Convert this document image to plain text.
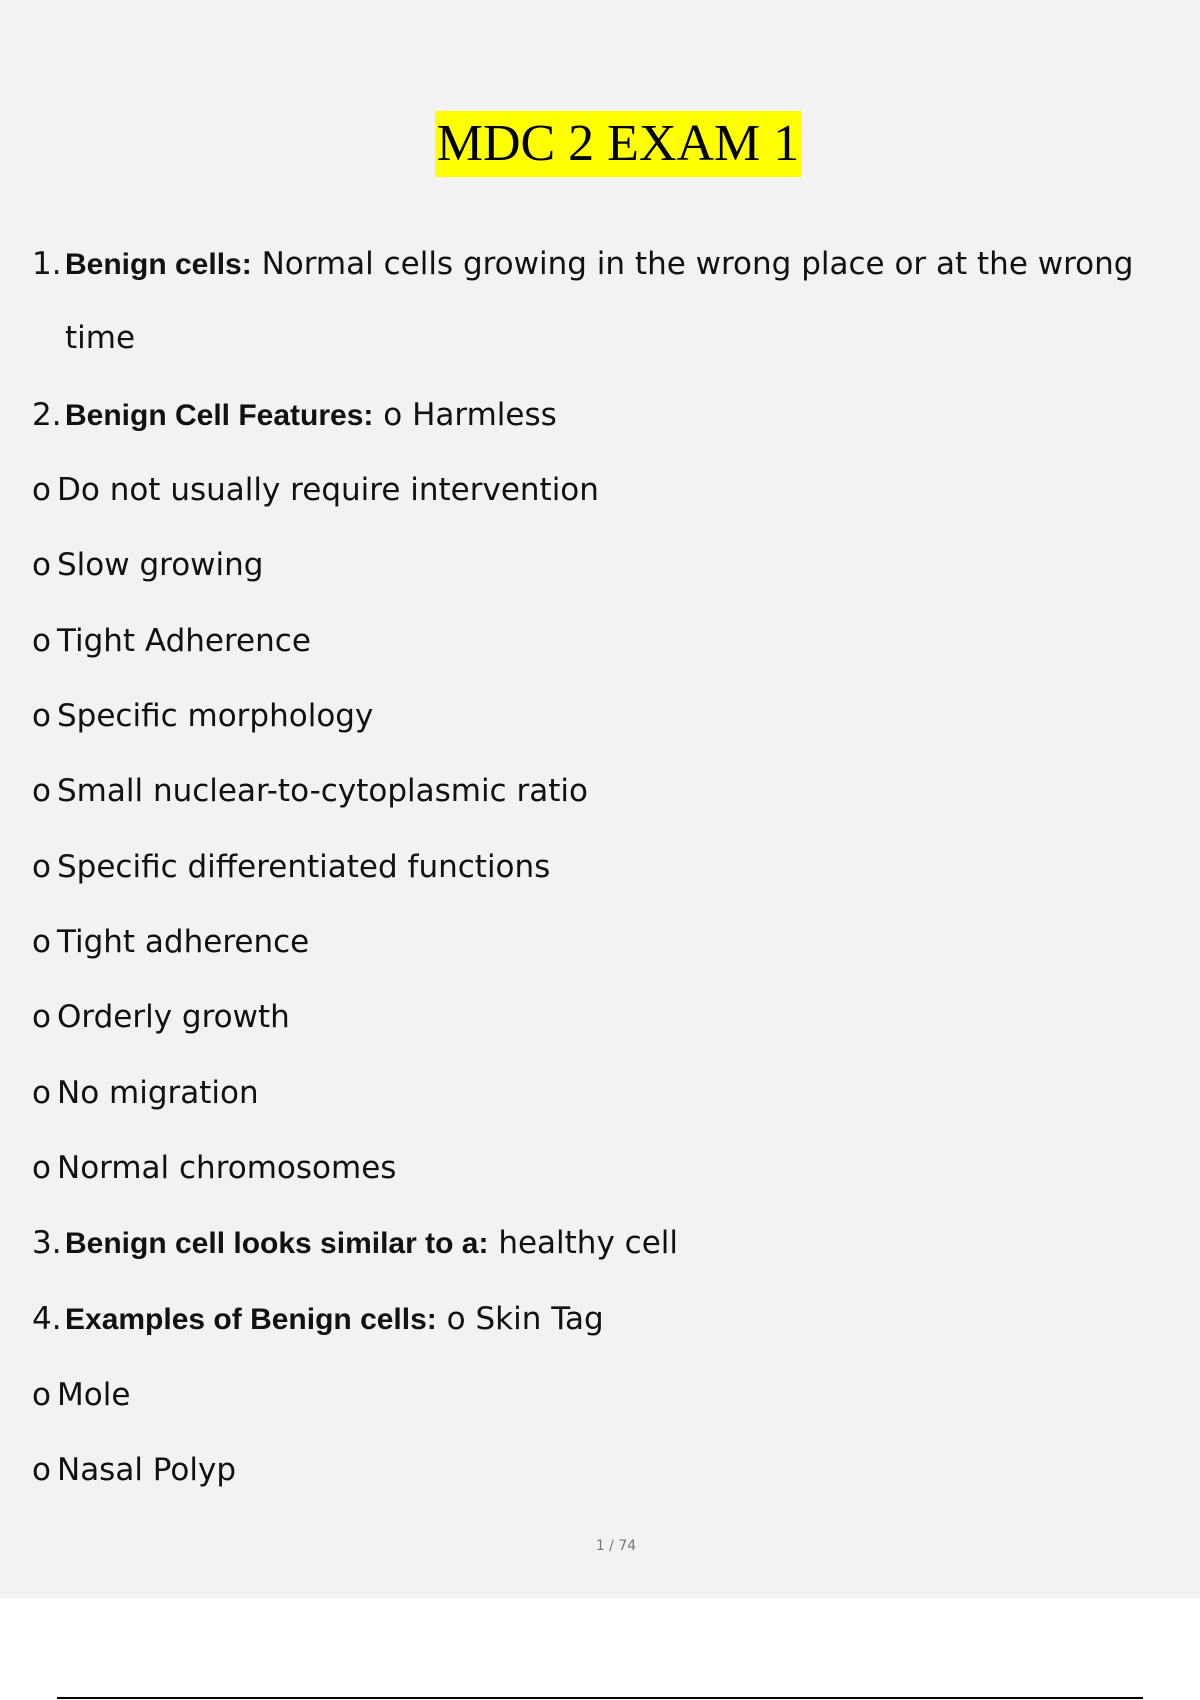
MDC 2 EXAM 1
1. Benign cells: Normal cells growing in the wrong place or at the wrong
time
2. Benign Cell Features: o Harmless
o Do not usually require intervention
o Slow growing
o Tight Adherence
o Specific morphology
o Small nuclear-to-cytoplasmic ratio
o Specific differentiated functions
o Tight adherence
o Orderly growth
o No migration
o Normal chromosomes
3. Benign cell looks similar to a: healthy cell
4. Examples of Benign cells: o Skin Tag
o Mole
o Nasal Polyp
1 / 74
